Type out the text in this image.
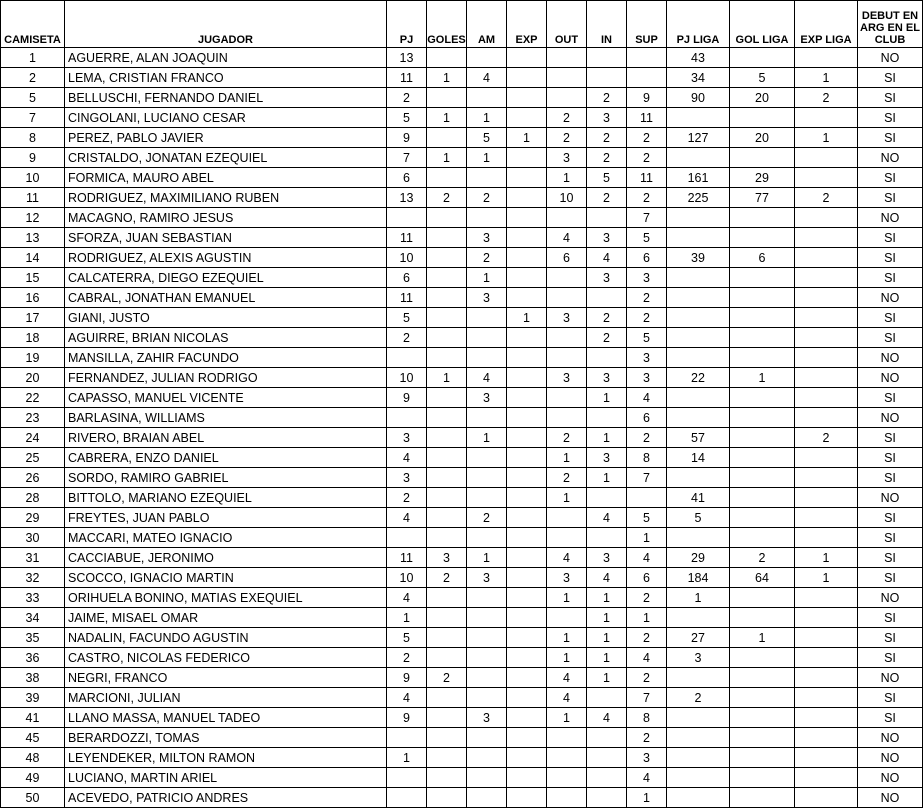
CAMISETA	JUGADOR	PJ	GOLES	AM	EXP	OUT	IN	SUP	PJ LIGA	GOL LIGA	EXP LIGA	DEBUT EN ARG EN EL CLUB
1	AGUERRE, ALAN JOAQUIN	13							43			NO
2	LEMA, CRISTIAN FRANCO	11	1	4					34	5	1	SI
5	BELLUSCHI, FERNANDO DANIEL	2					2	9	90	20	2	SI
7	CINGOLANI, LUCIANO CESAR	5	1	1		2	3	11				SI
8	PEREZ, PABLO JAVIER	9		5	1	2	2	2	127	20	1	SI
9	CRISTALDO, JONATAN EZEQUIEL	7	1	1		3	2	2				NO
10	FORMICA, MAURO ABEL	6				1	5	11	161	29		SI
11	RODRIGUEZ, MAXIMILIANO RUBEN	13	2	2		10	2	2	225	77	2	SI
12	MACAGNO, RAMIRO JESUS							7				NO
13	SFORZA, JUAN SEBASTIAN	11		3		4	3	5				SI
14	RODRIGUEZ, ALEXIS AGUSTIN	10		2		6	4	6	39	6		SI
15	CALCATERRA, DIEGO EZEQUIEL	6		1			3	3				SI
16	CABRAL, JONATHAN EMANUEL	11		3				2				NO
17	GIANI, JUSTO	5			1	3	2	2				SI
18	AGUIRRE, BRIAN NICOLAS	2					2	5				SI
19	MANSILLA, ZAHIR FACUNDO							3				NO
20	FERNANDEZ, JULIAN RODRIGO	10	1	4		3	3	3	22	1		NO
22	CAPASSO, MANUEL VICENTE	9		3			1	4				SI
23	BARLASINA, WILLIAMS							6				NO
24	RIVERO, BRAIAN ABEL	3		1		2	1	2	57		2	SI
25	CABRERA, ENZO DANIEL	4				1	3	8	14			SI
26	SORDO, RAMIRO GABRIEL	3				2	1	7				SI
28	BITTOLO, MARIANO EZEQUIEL	2				1			41			NO
29	FREYTES, JUAN PABLO	4		2			4	5	5			SI
30	MACCARI, MATEO IGNACIO							1				SI
31	CACCIABUE, JERONIMO	11	3	1		4	3	4	29	2	1	SI
32	SCOCCO, IGNACIO MARTIN	10	2	3		3	4	6	184	64	1	SI
33	ORIHUELA BONINO, MATIAS EXEQUIEL	4				1	1	2	1			NO
34	JAIME, MISAEL OMAR	1					1	1				SI
35	NADALIN, FACUNDO AGUSTIN	5				1	1	2	27	1		SI
36	CASTRO, NICOLAS FEDERICO	2				1	1	4	3			SI
38	NEGRI, FRANCO	9	2			4	1	2				NO
39	MARCIONI, JULIAN	4				4		7	2			SI
41	LLANO MASSA, MANUEL TADEO	9		3		1	4	8				SI
45	BERARDOZZI, TOMAS							2				NO
48	LEYENDEKER, MILTON RAMON	1						3				NO
49	LUCIANO, MARTIN ARIEL							4				NO
50	ACEVEDO, PATRICIO ANDRES							1				NO
